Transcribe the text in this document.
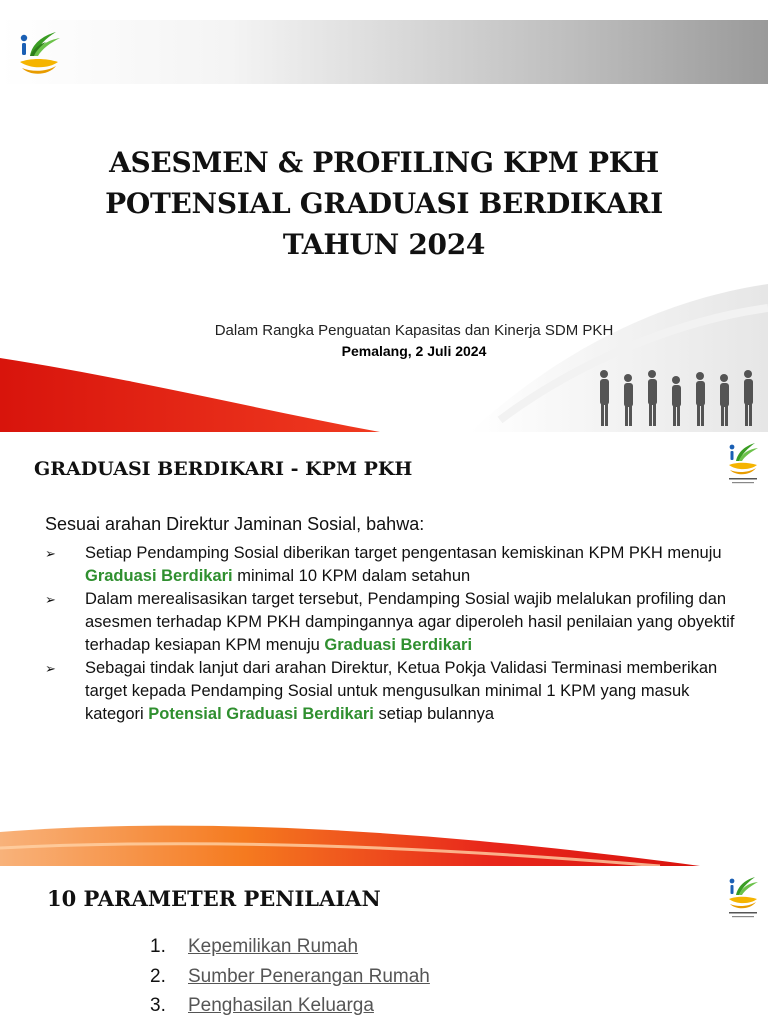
ASESMEN & PROFILING KPM PKH
POTENSIAL GRADUASI BERDIKARI
TAHUN 2024

Dalam Rangka Penguatan Kapasitas dan Kinerja SDM PKH

Pemalang, 2 Juli 2024

GRADUASI BERDIKARI - KPM PKH

Sesuai arahan Direktur Jaminan Sosial, bahwa:

➢ Setiap Pendamping Sosial diberikan target pengentasan kemiskinan KPM PKH menuju Graduasi Berdikari minimal 10 KPM dalam setahun
➢ Dalam merealisasikan target tersebut, Pendamping Sosial wajib melalukan profiling dan asesmen terhadap KPM PKH dampingannya agar diperoleh hasil penilaian yang obyektif terhadap kesiapan KPM menuju Graduasi Berdikari
➢ Sebagai tindak lanjut dari arahan Direktur, Ketua Pokja Validasi Terminasi memberikan target kepada Pendamping Sosial untuk mengusulkan minimal 1 KPM yang masuk kategori Potensial Graduasi Berdikari setiap bulannya
10 PARAMETER PENILAIAN
1. Kepemilikan Rumah
2. Sumber Penerangan Rumah
3. Penghasilan Keluarga
